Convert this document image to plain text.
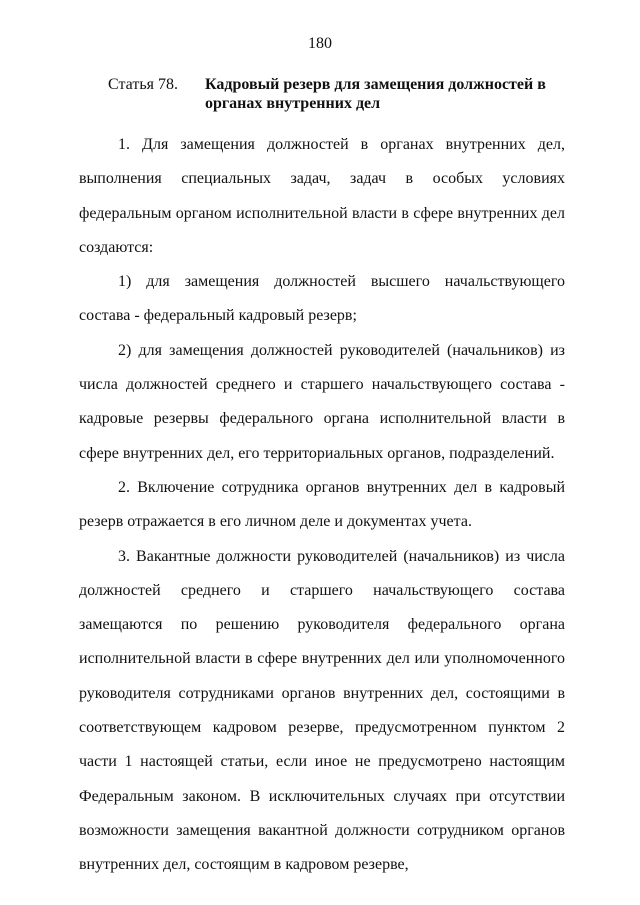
180
Статья 78. Кадровый резерв для замещения должностей в органах внутренних дел

1. Для замещения должностей в органах внутренних дел, выполнения специальных задач, задач в особых условиях федеральным органом исполнительной власти в сфере внутренних дел создаются:

1) для замещения должностей высшего начальствующего состава - федеральный кадровый резерв;

2) для замещения должностей руководителей (начальников) из числа должностей среднего и старшего начальствующего состава - кадровые резервы федерального органа исполнительной власти в сфере внутренних дел, его территориальных органов, подразделений.

2. Включение сотрудника органов внутренних дел в кадровый резерв отражается в его личном деле и документах учета.

3. Вакантные должности руководителей (начальников) из числа должностей среднего и старшего начальствующего состава замещаются по решению руководителя федерального органа исполнительной власти в сфере внутренних дел или уполномоченного руководителя сотрудниками органов внутренних дел, состоящими в соответствующем кадровом резерве, предусмотренном пунктом 2 части 1 настоящей статьи, если иное не предусмотрено настоящим Федеральным законом. В исключительных случаях при отсутствии возможности замещения вакантной должности сотрудником органов внутренних дел, состоящим в кадровом резерве,
